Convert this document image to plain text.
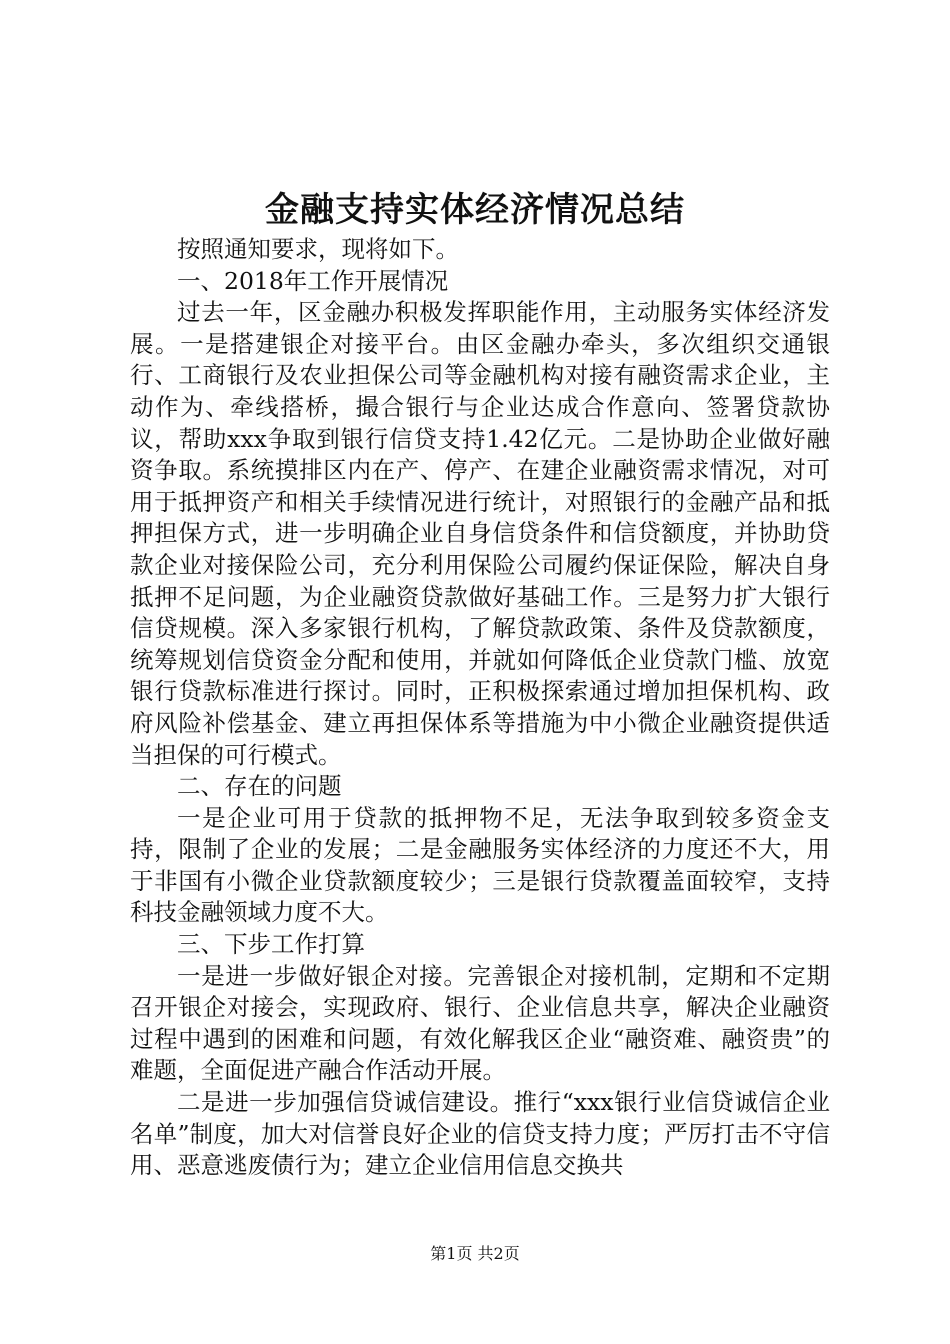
金融支持实体经济情况总结

按照通知要求，现将如下。

一、2018年工作开展情况

过去一年，区金融办积极发挥职能作用，主动服务实体经济发展。一是搭建银企对接平台。由区金融办牵头，多次组织交通银行、工商银行及农业担保公司等金融机构对接有融资需求企业，主动作为、牵线搭桥，撮合银行与企业达成合作意向、签署贷款协议，帮助xxx争取到银行信贷支持1.42亿元。二是协助企业做好融资争取。系统摸排区内在产、停产、在建企业融资需求情况，对可用于抵押资产和相关手续情况进行统计，对照银行的金融产品和抵押担保方式，进一步明确企业自身信贷条件和信贷额度，并协助贷款企业对接保险公司，充分利用保险公司履约保证保险，解决自身抵押不足问题，为企业融资贷款做好基础工作。三是努力扩大银行信贷规模。深入多家银行机构，了解贷款政策、条件及贷款额度，统筹规划信贷资金分配和使用，并就如何降低企业贷款门槛、放宽银行贷款标准进行探讨。同时，正积极探索通过增加担保机构、政府风险补偿基金、建立再担保体系等措施为中小微企业融资提供适当担保的可行模式。

二、存在的问题

一是企业可用于贷款的抵押物不足，无法争取到较多资金支持，限制了企业的发展；二是金融服务实体经济的力度还不大，用于非国有小微企业贷款额度较少；三是银行贷款覆盖面较窄，支持科技金融领域力度不大。

三、下步工作打算

一是进一步做好银企对接。完善银企对接机制，定期和不定期召开银企对接会，实现政府、银行、企业信息共享，解决企业融资过程中遇到的困难和问题，有效化解我区企业“融资难、融资贵”的难题，全面促进产融合作活动开展。

二是进一步加强信贷诚信建设。推行“xxx银行业信贷诚信企业名单”制度，加大对信誉良好企业的信贷支持力度；严厉打击不守信用、恶意逃废债行为；建立企业信用信息交换共

第1页 共2页
